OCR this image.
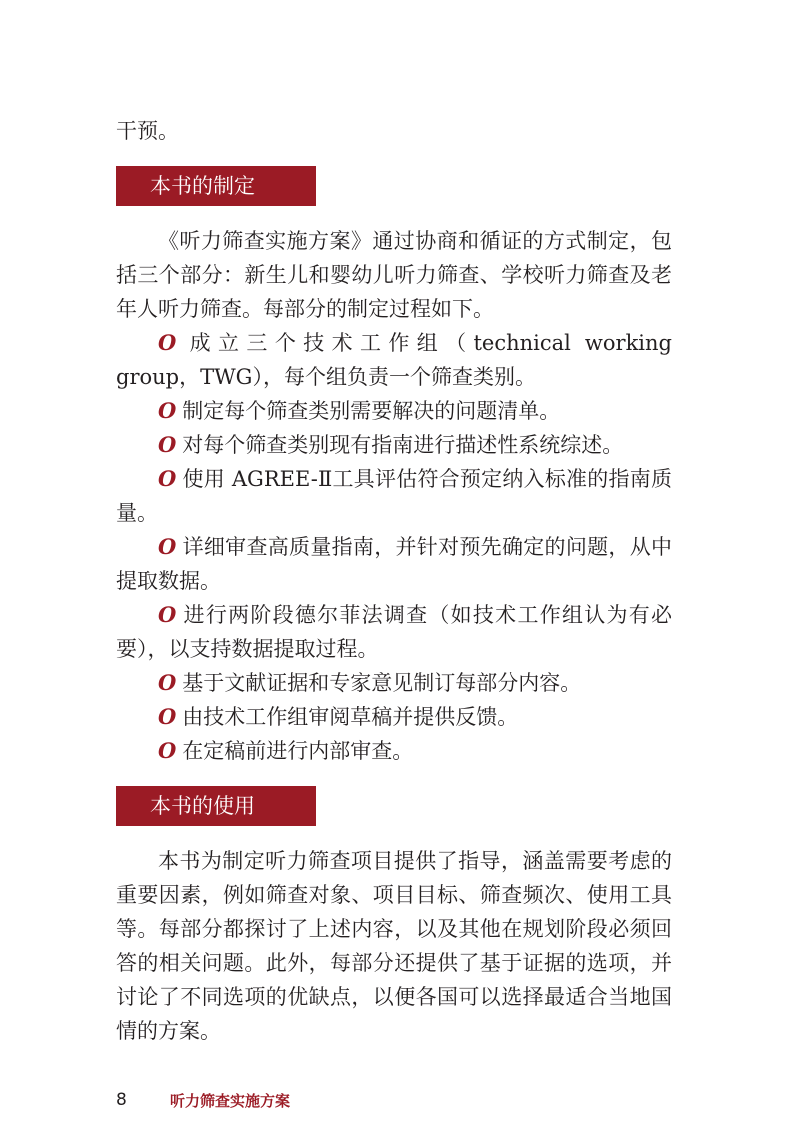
干预。

本书的制定

《听力筛查实施方案》通过协商和循证的方式制定，包括三个部分：新生儿和婴幼儿听力筛查、学校听力筛查及老年人听力筛查。每部分的制定过程如下。

O 成立三个技术工作组（technical working group，TWG），每个组负责一个筛查类别。

O 制定每个筛查类别需要解决的问题清单。

O 对每个筛查类别现有指南进行描述性系统综述。

O 使用 AGREE-Ⅱ工具评估符合预定纳入标准的指南质量。

O 详细审查高质量指南，并针对预先确定的问题，从中提取数据。

O 进行两阶段德尔菲法调查（如技术工作组认为有必要），以支持数据提取过程。

O 基于文献证据和专家意见制订每部分内容。

O 由技术工作组审阅草稿并提供反馈。

O 在定稿前进行内部审查。

本书的使用

本书为制定听力筛查项目提供了指导，涵盖需要考虑的重要因素，例如筛查对象、项目目标、筛查频次、使用工具等。每部分都探讨了上述内容，以及其他在规划阶段必须回答的相关问题。此外，每部分还提供了基于证据的选项，并讨论了不同选项的优缺点，以便各国可以选择最适合当地国情的方案。

8	听力筛查实施方案
